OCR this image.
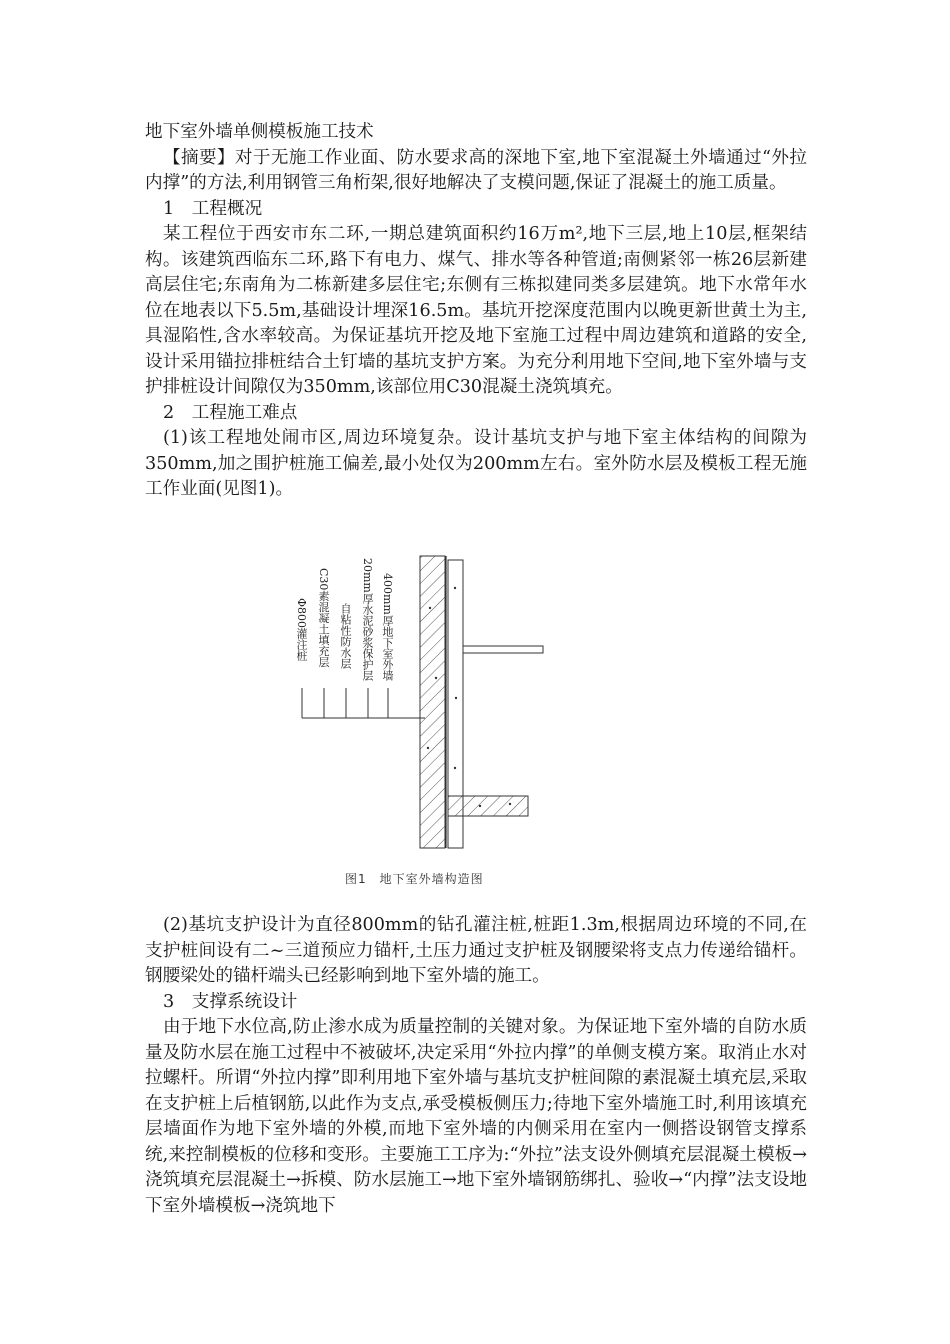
地下室外墙单侧模板施工技术

【摘要】对于无施工作业面、防水要求高的深地下室,地下室混凝土外墙通过“外拉内撑”的方法,利用钢管三角桁架,很好地解决了支模问题,保证了混凝土的施工质量。

1　工程概况

某工程位于西安市东二环,一期总建筑面积约16万m²,地下三层,地上10层,框架结构。该建筑西临东二环,路下有电力、煤气、排水等各种管道;南侧紧邻一栋26层新建高层住宅;东南角为二栋新建多层住宅;东侧有三栋拟建同类多层建筑。地下水常年水位在地表以下5.5m,基础设计埋深16.5m。基坑开挖深度范围内以晚更新世黄土为主,具湿陷性,含水率较高。为保证基坑开挖及地下室施工过程中周边建筑和道路的安全,设计采用锚拉排桩结合土钉墙的基坑支护方案。为充分利用地下空间,地下室外墙与支护排桩设计间隙仅为350mm,该部位用C30混凝土浇筑填充。

2　工程施工难点

(1)该工程地处闹市区,周边环境复杂。设计基坑支护与地下室主体结构的间隙为350mm,加之围护桩施工偏差,最小处仅为200mm左右。室外防水层及模板工程无施工作业面(见图1)。

Φ800灌注桩 C30素混凝土填充层 自粘性防水层 20mm厚水泥砂浆保护层 400mm厚地下室外墙
图1　地下室外墙构造图

(2)基坑支护设计为直径800mm的钻孔灌注桩,桩距1.3m,根据周边环境的不同,在支护桩间设有二~三道预应力锚杆,土压力通过支护桩及钢腰梁将支点力传递给锚杆。钢腰梁处的锚杆端头已经影响到地下室外墙的施工。

3　支撑系统设计

由于地下水位高,防止渗水成为质量控制的关键对象。为保证地下室外墙的自防水质量及防水层在施工过程中不被破坏,决定采用“外拉内撑”的单侧支模方案。取消止水对拉螺杆。所谓“外拉内撑”即利用地下室外墙与基坑支护桩间隙的素混凝土填充层,采取在支护桩上后植钢筋,以此作为支点,承受模板侧压力;待地下室外墙施工时,利用该填充层墙面作为地下室外墙的外模,而地下室外墙的内侧采用在室内一侧搭设钢管支撑系统,来控制模板的位移和变形。主要施工工序为:“外拉”法支设外侧填充层混凝土模板→浇筑填充层混凝土→拆模、防水层施工→地下室外墙钢筋绑扎、验收→“内撑”法支设地下室外墙模板→浇筑地下
